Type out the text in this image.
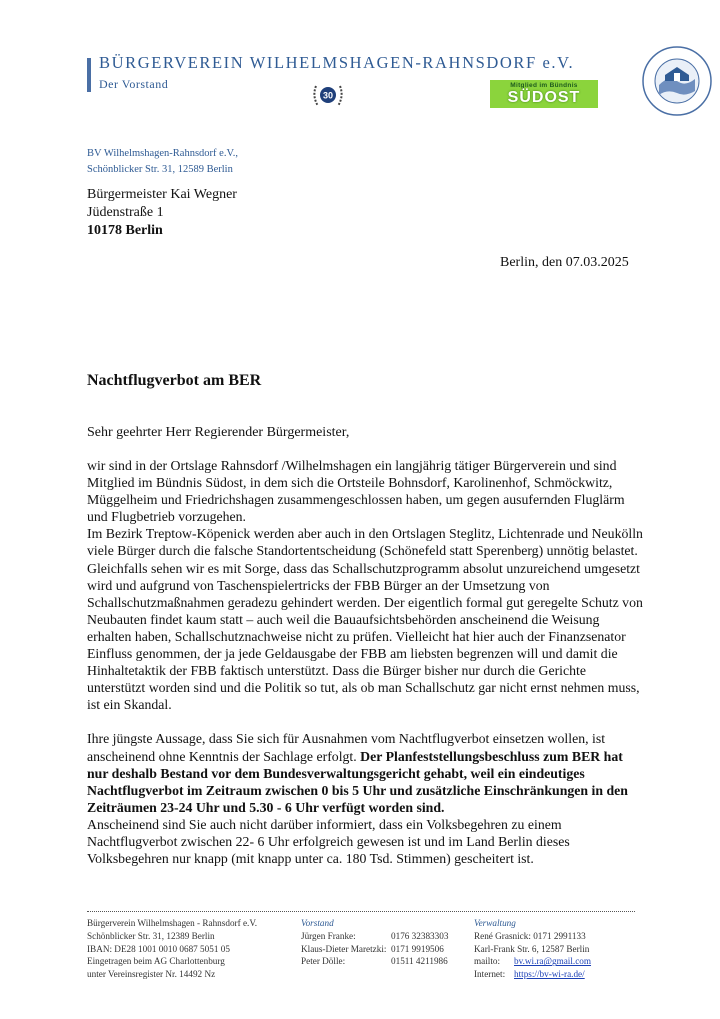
BÜRGERVEREIN WILHELMSHAGEN-RAHNSDORF e.V.
Der Vorstand
30
Mitglied im Bündnis
SÜDOST
BV Wilhelmshagen-Rahnsdorf e.V.,
Schönblicker Str. 31, 12589 Berlin
Bürgermeister Kai Wegner
Jüdenstraße 1
10178 Berlin
Berlin, den 07.03.2025
Nachtflugverbot am BER
Sehr geehrter Herr Regierender Bürgermeister,

wir sind in der Ortslage Rahnsdorf /Wilhelmshagen ein langjährig tätiger Bürgerverein und sind Mitglied im Bündnis Südost, in dem sich die Ortsteile Bohnsdorf, Karolinenhof, Schmöckwitz, Müggelheim und Friedrichshagen zusammengeschlossen haben, um gegen ausufernden Fluglärm und Flugbetrieb vorzugehen.

Im Bezirk Treptow-Köpenick werden aber auch in den Ortslagen Steglitz, Lichtenrade und Neukölln viele Bürger durch die falsche Standortentscheidung (Schönefeld statt Sperenberg) unnötig belastet. Gleichfalls sehen wir es mit Sorge, dass das Schallschutzprogramm absolut unzureichend umgesetzt wird und aufgrund von Taschenspielertricks der FBB Bürger an der Umsetzung von Schallschutzmaßnahmen geradezu gehindert werden. Der eigentlich formal gut geregelte Schutz von Neubauten findet kaum statt – auch weil die Bauaufsichtsbehörden anscheinend die Weisung erhalten haben, Schallschutznachweise nicht zu prüfen. Vielleicht hat hier auch der Finanzsenator Einfluss genommen, der ja jede Geldausgabe der FBB am liebsten begrenzen will und damit die Hinhaltetaktik der FBB faktisch unterstützt. Dass die Bürger bisher nur durch die Gerichte unterstützt worden sind und die Politik so tut, als ob man Schallschutz gar nicht ernst nehmen muss, ist ein Skandal.

Ihre jüngste Aussage, dass Sie sich für Ausnahmen vom Nachtflugverbot einsetzen wollen, ist anscheinend ohne Kenntnis der Sachlage erfolgt. Der Planfeststellungsbeschluss zum BER hat nur deshalb Bestand vor dem Bundesverwaltungsgericht gehabt, weil ein eindeutiges Nachtflugverbot im Zeitraum zwischen 0 bis 5 Uhr und zusätzliche Einschränkungen in den Zeiträumen 23-24 Uhr und 5.30 - 6 Uhr verfügt worden sind.

Anscheinend sind Sie auch nicht darüber informiert, dass ein Volksbegehren zu einem Nachtflugverbot zwischen 22- 6 Uhr erfolgreich gewesen ist und im Land Berlin dieses Volksbegehren nur knapp (mit knapp unter ca. 180 Tsd. Stimmen) gescheitert ist.

Bürgerverein Wilhelmshagen - Rahnsdorf e.V.
Schönblicker Str. 31, 12389 Berlin
IBAN: DE28 1001 0010 0687 5051 05
Eingetragen beim AG Charlottenburg
unter Vereinsregister Nr. 14492 Nz
Vorstand
Jürgen Franke:	0176 32383303
Klaus-Dieter Maretzki: 0171 9919506
Peter Dölle:	01511 4211986
Verwaltung
René Grasnick: 0171 2991133
Karl-Frank Str. 6, 12587 Berlin
mailto:	bv.wi.ra@gmail.com
Internet: https://bv-wi-ra.de/
